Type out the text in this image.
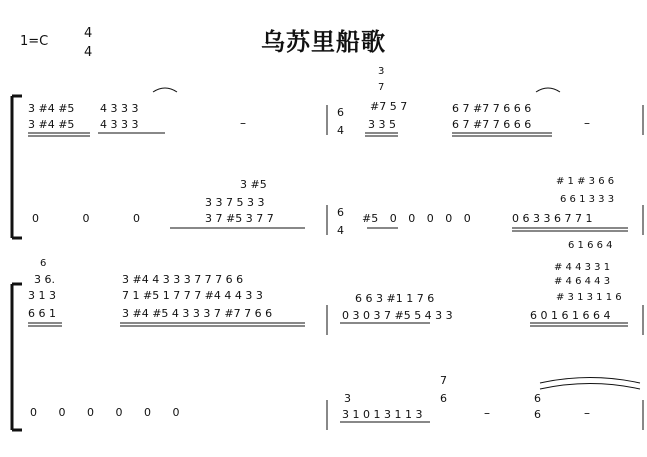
1=C
4
4	乌苏里船歌
3 #4 #5
3 #4 #5
4 3 3 3
4 3 3 3	–
6
4
3
7
#7 5 7
3 3 5
6 7 #7 7 6 6 6
6 7 #7 7 6 6 6	–
0 0 0
3 #5
3 3 7 5 3 3
3 7 #5 3 7 7	6
4
#5 0 0 0 0 0
# 1 # 3 6 6
6 6 1 3 3 3
0 6 3 3 6 7 7 1
6 1 6 6 4
6
3 6.
3 1 3
6 6 1
3 #4 4 3 3 3 7 7 7 6 6
7 1 #5 1 7 7 7 #4 4 4 3 3
3 #4 #5 4 3 3 3 7 #7 7 6 6
6 6 3 #1 1 7 6
0 3 0 3 7 #5 5 4 3 3
# 4 4 3 3 1
# 4 6 4 4 3
# 3 1 3 1 1 6
6 0 1 6 1 6 6 4
0 0 0 0 0 0
3
3 1 0 1 3 1 1 3
7
6
–
6
6	–
